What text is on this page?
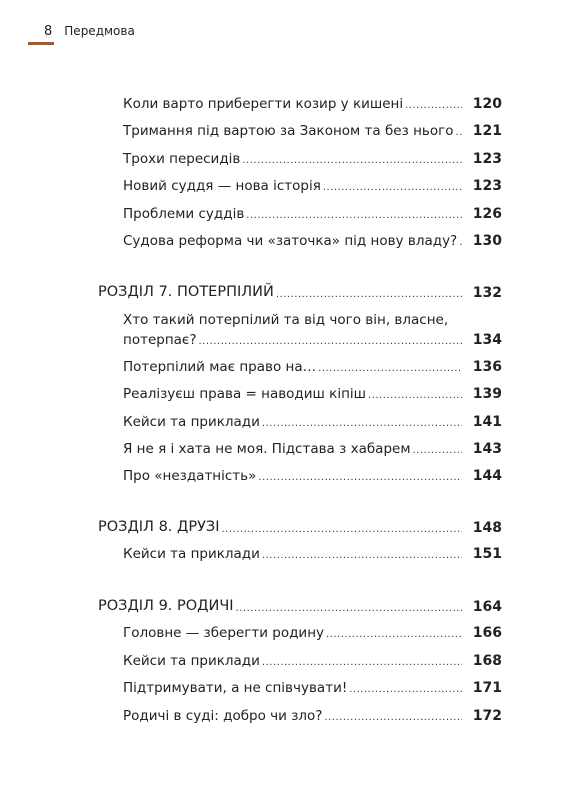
8 Передмова
Коли варто приберегти козир у кишені .....	120
Тримання під вартою за Законом та без нього .....	121
Трохи пересидів .....	123
Новий суддя — нова історія .....	123
Проблеми суддів .....	126
Судова реформа чи «заточка» під нову владу? .....	130
РОЗДІЛ 7. ПОТЕРПІЛИЙ .....	132
Хто такий потерпілий та від чого він, власне,
потерпає? .....	134
Потерпілий має право на… .....	136
Реалізуєш права = наводиш кіпіш .....	139
Кейси та приклади .....	141
Я не я і хата не моя. Підстава з хабарем .....	143
Про «нездатність» .....	144
РОЗДІЛ 8. ДРУЗІ .....	148
Кейси та приклади .....	151
РОЗДІЛ 9. РОДИЧІ .....	164
Головне — зберегти родину .....	166
Кейси та приклади .....	168
Підтримувати, а не співчувати! .....	171
Родичі в суді: добро чи зло? .....	172
